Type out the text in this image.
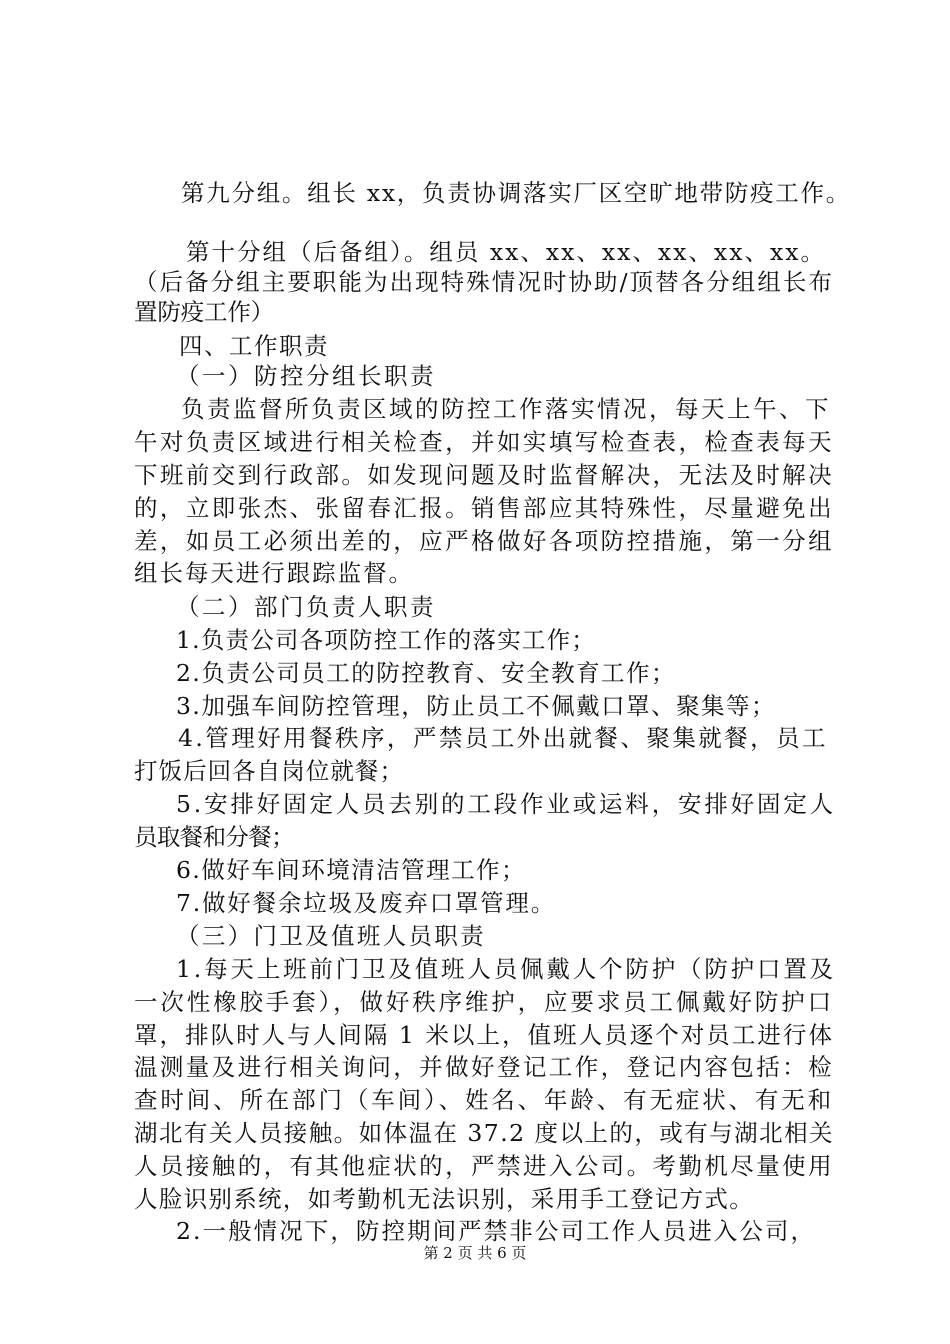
第九分组。组长 xx，负责协调落实厂区空旷地带防疫工作。
第十分组（后备组）。组员 xx、xx、xx、xx、xx、xx。
（后备分组主要职能为出现特殊情况时协助/顶替各分组组长布
置防疫工作）
四、工作职责
（一）防控分组长职责
负责监督所负责区域的防控工作落实情况，每天上午、下
午对负责区域进行相关检查，并如实填写检查表，检查表每天
下班前交到行政部。如发现问题及时监督解决，无法及时解决
的，立即张杰、张留春汇报。销售部应其特殊性，尽量避免出
差，如员工必须出差的，应严格做好各项防控措施，第一分组
组长每天进行跟踪监督。
（二）部门负责人职责
1.负责公司各项防控工作的落实工作；
2.负责公司员工的防控教育、安全教育工作；
3.加强车间防控管理，防止员工不佩戴口罩、聚集等；
4.管理好用餐秩序，严禁员工外出就餐、聚集就餐，员工
打饭后回各自岗位就餐；
5.安排好固定人员去别的工段作业或运料，安排好固定人
员取餐和分餐；
6.做好车间环境清洁管理工作；
7.做好餐余垃圾及废弃口罩管理。
（三）门卫及值班人员职责
1.每天上班前门卫及值班人员佩戴人个防护（防护口置及
一次性橡胶手套），做好秩序维护，应要求员工佩戴好防护口
罩，排队时人与人间隔 1 米以上，值班人员逐个对员工进行体
温测量及进行相关询问，并做好登记工作，登记内容包括：检
查时间、所在部门（车间）、姓名、年龄、有无症状、有无和
湖北有关人员接触。如体温在 37.2 度以上的，或有与湖北相关
人员接触的，有其他症状的，严禁进入公司。考勤机尽量使用
人脸识别系统，如考勤机无法识别，采用手工登记方式。
2.一般情况下，防控期间严禁非公司工作人员进入公司，
第 2 页 共 6 页
